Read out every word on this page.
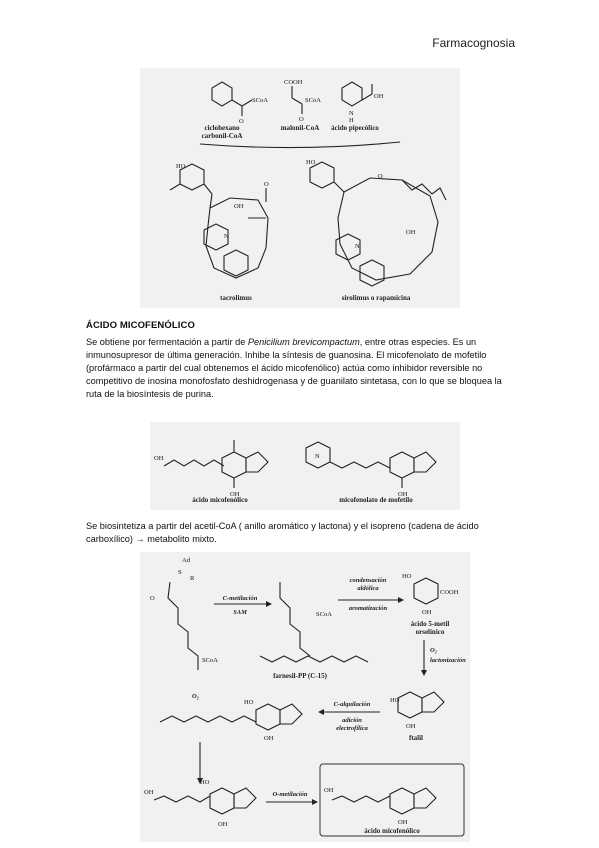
Farmacognosia
SCoA
O
ciclohexano
carbonil-CoA
COOH
SCoA
O
malonil-CoA
N
H
OH
ácido pipecólico
HO
N
OH
O
tacrolimus
HO
N
O
OH
sirolimus o rapamicina
ÁCIDO MICOFENÓLICO

Se obtiene por fermentación a partir de Penicilium brevicompactum, entre otras especies. Es un inmunosupresor de última generación. Inhibe la síntesis de guanosina. El micofenolato de mofetilo (profármaco a partir del cual obtenemos el ácido micofenólico) actúa como inhibidor reversible no competitivo de inosina monofosfato deshidrogenasa y de guanilato sintetasa, con lo que se bloquea la ruta de la biosíntesis de purina.

OH
OH
ácido micofenólico
N
OH
micofenolato de mofetilo

Se biosintetiza a partir del acetil-CoA ( anillo aromático y lactona) y el isopreno (cadena de ácido carboxílico) → metabolito mixto.

Ad
S
R
O
SCoA
C-metilación
SAM	SCoA
condensación
aldólica
aromatización
HO
COOH
OH
ácido 5-metil
orselínico
O₂
lactonización
farnesil-PP (C-15)
HO
OH
ftalil
C-alquilación
adición
electrofílica
HO
OH
O₂
OH
HO
OH
O-metilación
OH
OH
ácido micofenólico
